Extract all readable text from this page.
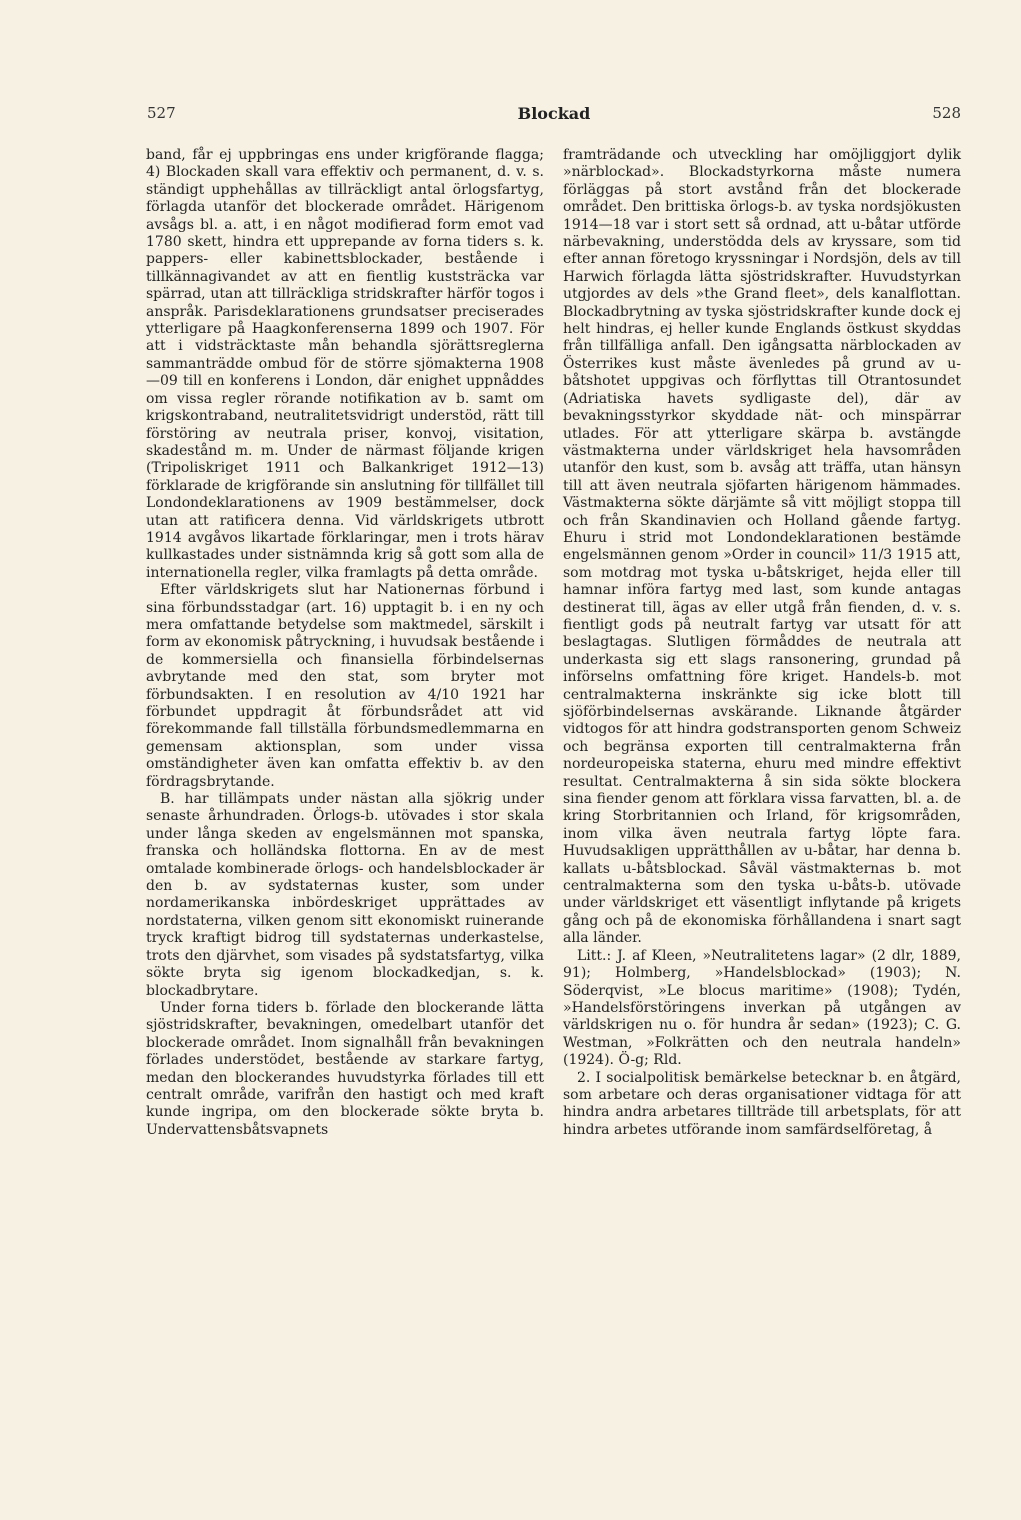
527	Blockad	528

band, får ej uppbringas ens under krigförande flagga; 4) Blockaden skall vara effektiv och permanent, d. v. s. ständigt upphehållas av tillräckligt antal örlogsfartyg, förlagda utanför det blockerade området. Härigenom avsågs bl. a. att, i en något modifierad form emot vad 1780 skett, hindra ett upprepande av forna tiders s. k. pappers- eller kabinettsblockader, bestående i tillkännagivandet av att en fientlig kuststräcka var spärrad, utan att tillräckliga stridskrafter härför togos i anspråk. Parisdeklarationens grundsatser preciserades ytterligare på Haagkonferenserna 1899 och 1907. För att i vidsträcktaste mån behandla sjörättsreglerna sammanträdde ombud för de större sjömakterna 1908—09 till en konferens i London, där enighet uppnåddes om vissa regler rörande notifikation av b. samt om krigskontraband, neutralitetsvidrigt understöd, rätt till förstöring av neutrala priser, konvoj, visitation, skadestånd m. m. Under de närmast följande krigen (Tripoliskriget 1911 och Balkankriget 1912—13) förklarade de krigförande sin anslutning för tillfället till Londondeklarationens av 1909 bestämmelser, dock utan att ratificera denna. Vid världskrigets utbrott 1914 avgåvos likartade förklaringar, men i trots härav kullkastades under sistnämnda krig så gott som alla de internationella regler, vilka framlagts på detta område.

Efter världskrigets slut har Nationernas förbund i sina förbundsstadgar (art. 16) upptagit b. i en ny och mera omfattande betydelse som maktmedel, särskilt i form av ekonomisk påtryckning, i huvudsak bestående i de kommersiella och finansiella förbindelsernas avbrytande med den stat, som bryter mot förbundsakten. I en resolution av 4/10 1921 har förbundet uppdragit åt förbundsrådet att vid förekommande fall tillställa förbundsmedlemmarna en gemensam aktionsplan, som under vissa omständigheter även kan omfatta effektiv b. av den fördragsbrytande.

B. har tillämpats under nästan alla sjökrig under senaste århundraden. Örlogs-b. utövades i stor skala under långa skeden av engelsmännen mot spanska, franska och holländska flottorna. En av de mest omtalade kombinerade örlogs- och handelsblockader är den b. av sydstaternas kuster, som under nordamerikanska inbördeskriget upprättades av nordstaterna, vilken genom sitt ekonomiskt ruinerande tryck kraftigt bidrog till sydstaternas underkastelse, trots den djärvhet, som visades på sydstatsfartyg, vilka sökte bryta sig igenom blockadkedjan, s. k. blockadbrytare.

Under forna tiders b. förlade den blockerande lätta sjöstridskrafter, bevakningen, omedelbart utanför det blockerade området. Inom signalhåll från bevakningen förlades understödet, bestående av starkare fartyg, medan den blockerandes huvudstyrka förlades till ett centralt område, varifrån den hastigt och med kraft kunde ingripa, om den blockerade sökte bryta b. Undervattensbåtsvapnets

framträdande och utveckling har omöjliggjort dylik »närblockad». Blockadstyrkorna måste numera förläggas på stort avstånd från det blockerade området. Den brittiska örlogs-b. av tyska nordsjökusten 1914—18 var i stort sett så ordnad, att u-båtar utförde närbevakning, understödda dels av kryssare, som tid efter annan företogo kryssningar i Nordsjön, dels av till Harwich förlagda lätta sjöstridskrafter. Huvudstyrkan utgjordes av dels »the Grand fleet», dels kanalflottan. Blockadbrytning av tyska sjöstridskrafter kunde dock ej helt hindras, ej heller kunde Englands östkust skyddas från tillfälliga anfall. Den igångsatta närblockaden av Österrikes kust måste ävenledes på grund av u-båtshotet uppgivas och förflyttas till Otrantosundet (Adriatiska havets sydligaste del), där av bevakningsstyrkor skyddade nät- och minspärrar utlades. För att ytterligare skärpa b. avstängde västmakterna under världskriget hela havsområden utanför den kust, som b. avsåg att träffa, utan hänsyn till att även neutrala sjöfarten härigenom hämmades. Västmakterna sökte därjämte så vitt möjligt stoppa till och från Skandinavien och Holland gående fartyg. Ehuru i strid mot Londondeklarationen bestämde engelsmännen genom »Order in council» 11/3 1915 att, som motdrag mot tyska u-båtskriget, hejda eller till hamnar införa fartyg med last, som kunde antagas destinerat till, ägas av eller utgå från fienden, d. v. s. fientligt gods på neutralt fartyg var utsatt för att beslagtagas. Slutligen förmåddes de neutrala att underkasta sig ett slags ransonering, grundad på införselns omfattning före kriget. Handels-b. mot centralmakterna inskränkte sig icke blott till sjöförbindelsernas avskärande. Liknande åtgärder vidtogos för att hindra godstransporten genom Schweiz och begränsa exporten till centralmakterna från nordeuropeiska staterna, ehuru med mindre effektivt resultat. Centralmakterna å sin sida sökte blockera sina fiender genom att förklara vissa farvatten, bl. a. de kring Storbritannien och Irland, för krigsområden, inom vilka även neutrala fartyg löpte fara. Huvudsakligen upprätthållen av u-båtar, har denna b. kallats u-båtsblockad. Såväl västmakternas b. mot centralmakterna som den tyska u-båts-b. utövade under världskriget ett väsentligt inflytande på krigets gång och på de ekonomiska förhållandena i snart sagt alla länder.

Litt.: J. af Kleen, »Neutralitetens lagar» (2 dlr, 1889, 91); Holmberg, »Handelsblockad» (1903); N. Söderqvist, »Le blocus maritime» (1908); Tydén, »Handelsförstöringens inverkan på utgången av världskrigen nu o. för hundra år sedan» (1923); C. G. Westman, »Folkrätten och den neutrala handeln» (1924). Ö-g; Rld.

2. I socialpolitisk bemärkelse betecknar b. en åtgärd, som arbetare och deras organisationer vidtaga för att hindra andra arbetares tillträde till arbetsplats, för att hindra arbetes utförande inom samfärdselföretag, å
